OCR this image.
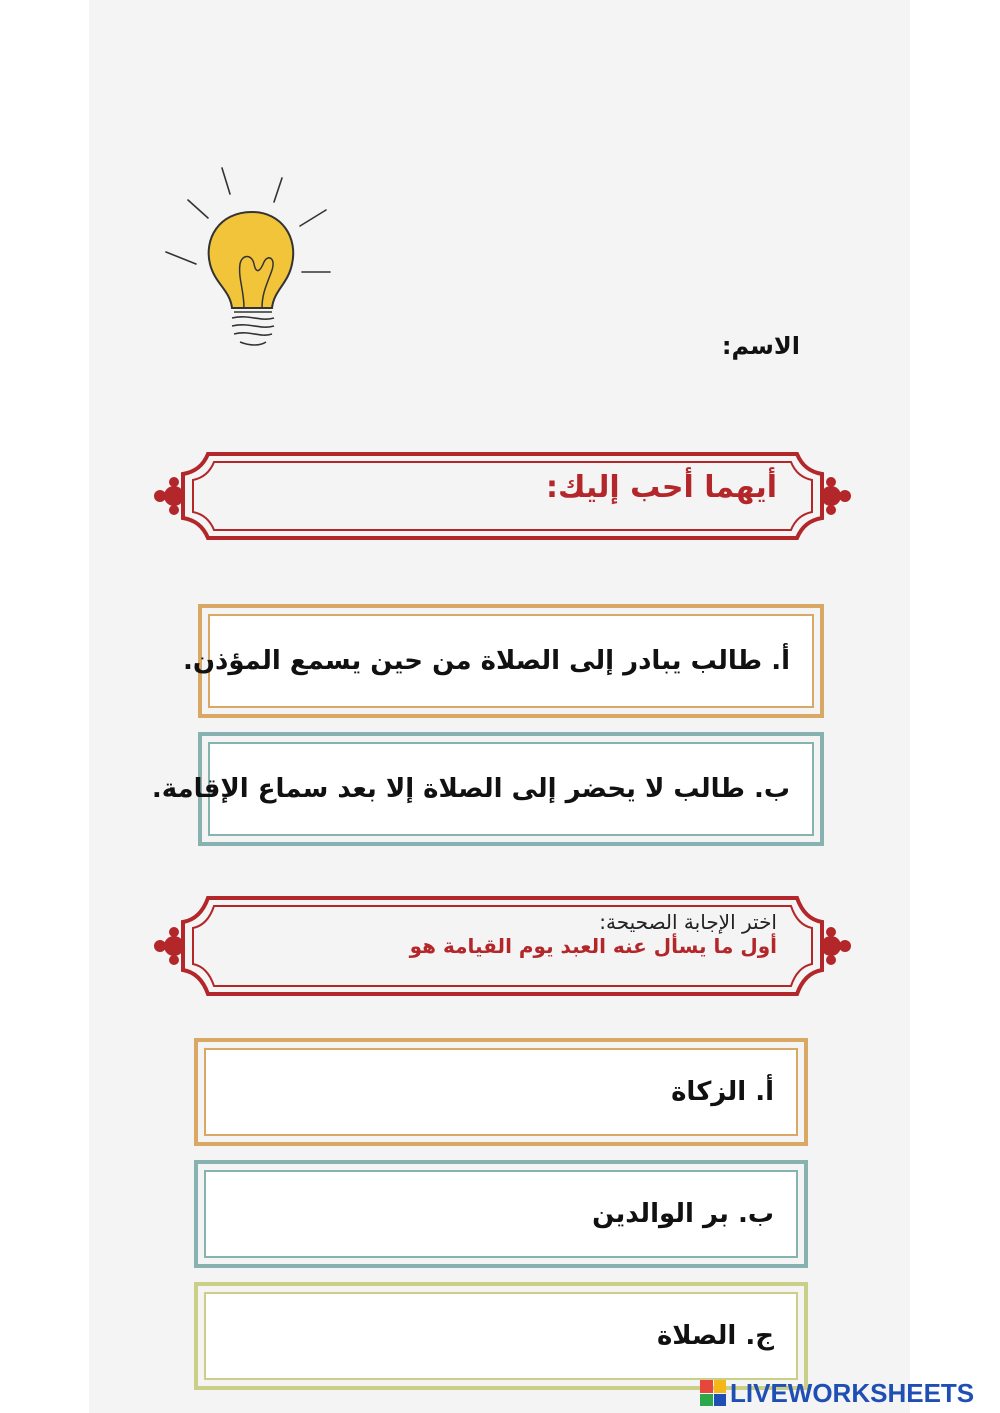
الاسم:
أيهما أحب إليك:
أ. طالب يبادر إلى الصلاة من حين يسمع المؤذن.
ب. طالب لا يحضر إلى الصلاة إلا بعد سماع الإقامة.
اختر الإجابة الصحيحة:
أول ما يسأل عنه العبد يوم القيامة هو
أ. الزكاة
ب. بر الوالدين
ج. الصلاة
LIVEWORKSHEETS
